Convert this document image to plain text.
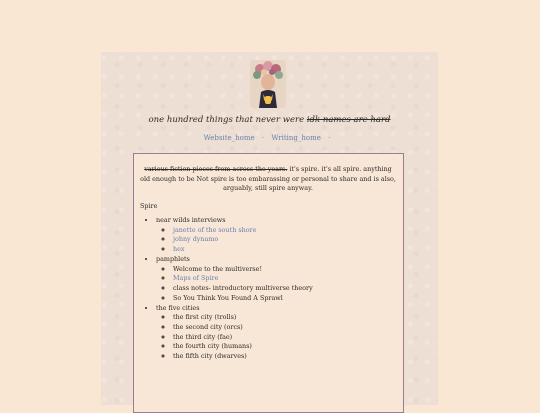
one hundred things that never were idk names are hard
Website_home · Writing_home ·

various fiction pieces from across the years. it's spire. it's all spire. anything old enough to be Not spire is too embarassing or personal to share and is also, arguably, still spire anyway.

Spire

• near wilds interviews
◦ janette of the south shore
◦ johny dynamo
◦ hex
• pamphlets
◦ Welcome to the multiverse!
◦ Maps of Spire
◦ class notes- introductory multiverse theory
◦ So You Think You Found A Sprawl
• the five cities
◦ the first city (trolls)
◦ the second city (orcs)
◦ the third city (fae)
◦ the fourth city (humans)
◦ the fifth city (dwarves)
